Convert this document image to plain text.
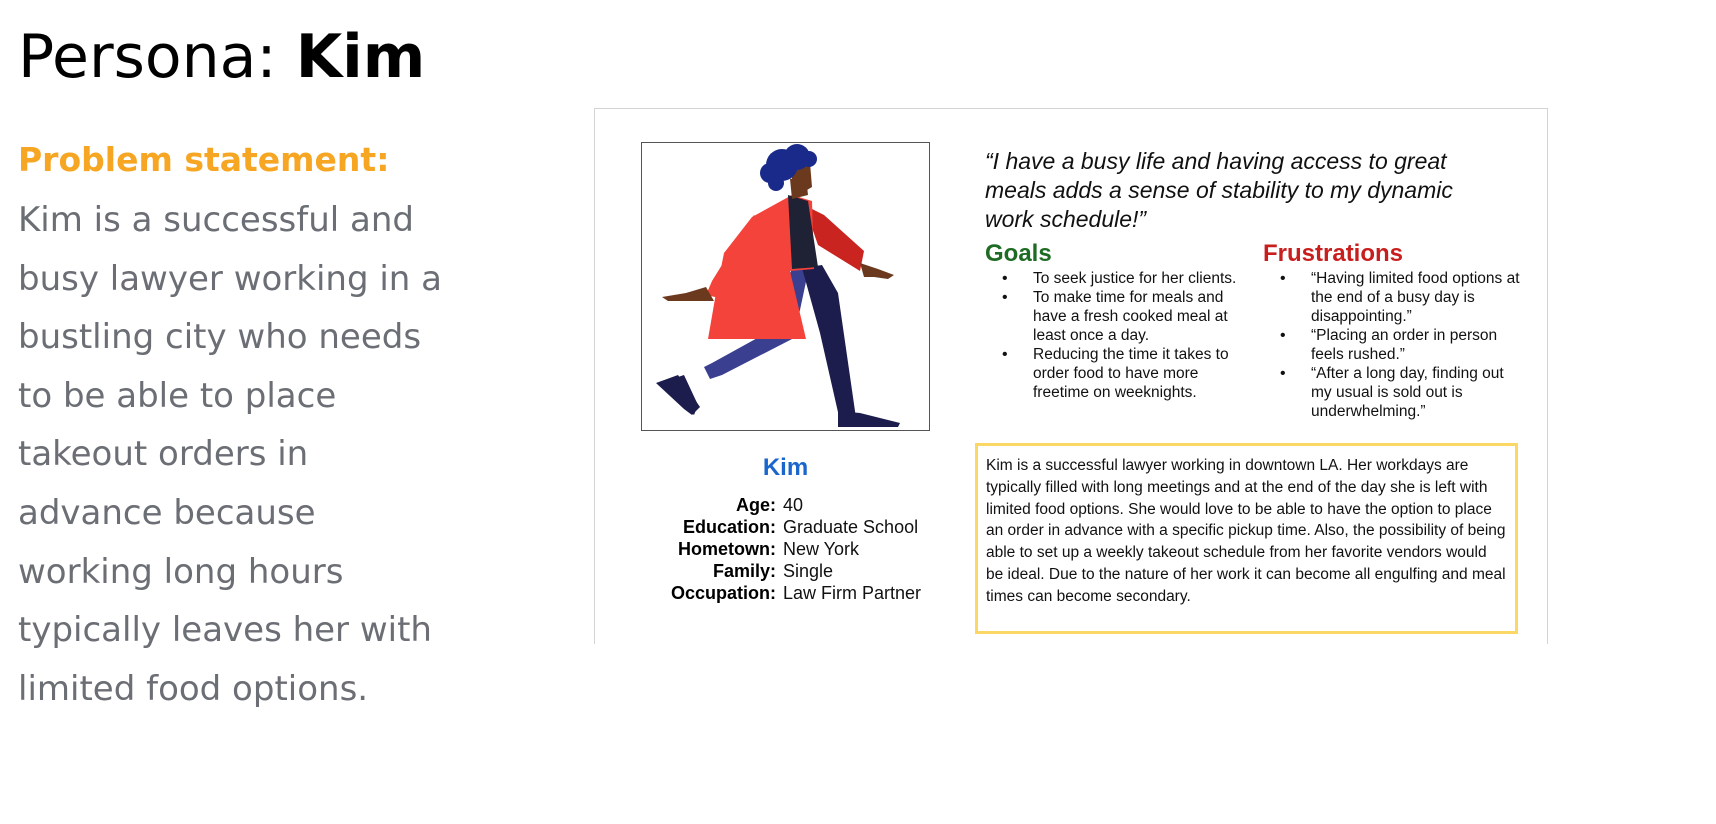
Persona: Kim
Problem statement:
Kim is a successful and
busy lawyer working in a
bustling city who needs
to be able to place
takeout orders in
advance because
working long hours
typically leaves her with
limited food options.
Kim
Age: 40
Education: Graduate School
Hometown: New York
Family: Single
Occupation: Law Firm Partner
“I have a busy life and having access to great meals adds a sense of stability to my dynamic work schedule!”
Goals
• To seek justice for her clients.
• To make time for meals and have a fresh cooked meal at least once a day.
• Reducing the time it takes to order food to have more freetime on weeknights.
Frustrations
• “Having limited food options at the end of a busy day is disappointing.”
• “Placing an order in person feels rushed.”
• “After a long day, finding out my usual is sold out is underwhelming.”
Kim is a successful lawyer working in downtown LA. Her workdays are typically filled with long meetings and at the end of the day she is left with limited food options. She would love to be able to have the option to place an order in advance with a specific pickup time. Also, the possibility of being able to set up a weekly takeout schedule from her favorite vendors would be ideal. Due to the nature of her work it can become all engulfing and meal times can become secondary.
